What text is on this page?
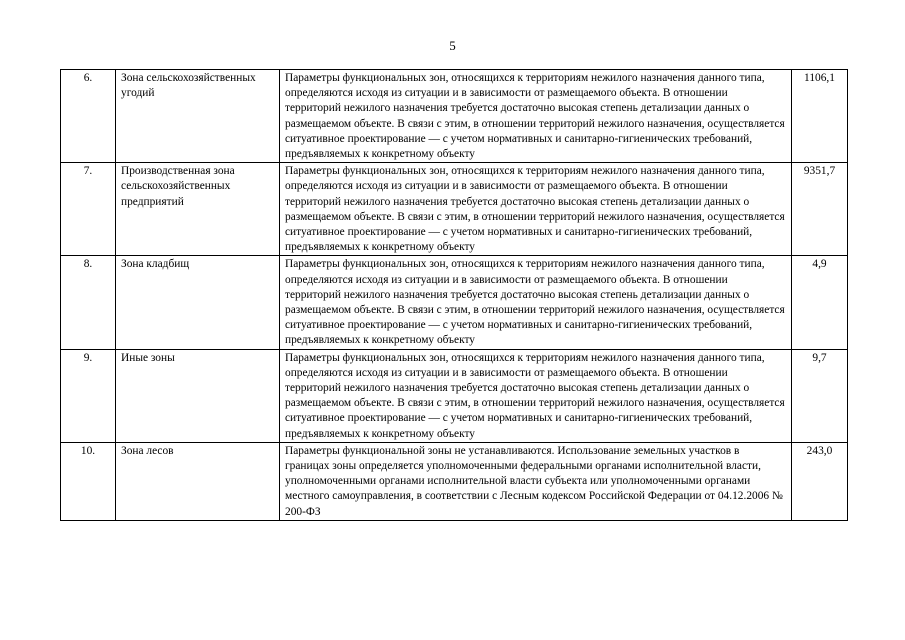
5
6.	Зона сельскохозяйственных угодий	Параметры функциональных зон, относящихся к территориям нежилого назначения данного типа, определяются исходя из ситуации и в зависимости от размещаемого объекта. В отношении территорий нежилого назначения требуется достаточно высокая степень детализации данных о размещаемом объекте. В связи с этим, в отношении территорий нежилого назначения, осуществляется ситуативное проектирование — с учетом нормативных и санитарно-гигиенических требований, предъявляемых к конкретному объекту	1106,1
7.	Производственная зона сельскохозяйственных предприятий	Параметры функциональных зон, относящихся к территориям нежилого назначения данного типа, определяются исходя из ситуации и в зависимости от размещаемого объекта. В отношении территорий нежилого назначения требуется достаточно высокая степень детализации данных о размещаемом объекте. В связи с этим, в отношении территорий нежилого назначения, осуществляется ситуативное проектирование — с учетом нормативных и санитарно-гигиенических требований, предъявляемых к конкретному объекту	9351,7
8.	Зона кладбищ	Параметры функциональных зон, относящихся к территориям нежилого назначения данного типа, определяются исходя из ситуации и в зависимости от размещаемого объекта. В отношении территорий нежилого назначения требуется достаточно высокая степень детализации данных о размещаемом объекте. В связи с этим, в отношении территорий нежилого назначения, осуществляется ситуативное проектирование — с учетом нормативных и санитарно-гигиенических требований, предъявляемых к конкретному объекту	4,9
9.	Иные зоны	Параметры функциональных зон, относящихся к территориям нежилого назначения данного типа, определяются исходя из ситуации и в зависимости от размещаемого объекта. В отношении территорий нежилого назначения требуется достаточно высокая степень детализации данных о размещаемом объекте. В связи с этим, в отношении территорий нежилого назначения, осуществляется ситуативное проектирование — с учетом нормативных и санитарно-гигиенических требований, предъявляемых к конкретному объекту	9,7
10.	Зона лесов	Параметры функциональной зоны не устанавливаются. Использование земельных участков в границах зоны определяется уполномоченными федеральными органами исполнительной власти, уполномоченными органами исполнительной власти субъекта или уполномоченными органами местного самоуправления, в соответствии с Лесным кодексом Российской Федерации от 04.12.2006 № 200-ФЗ	243,0
